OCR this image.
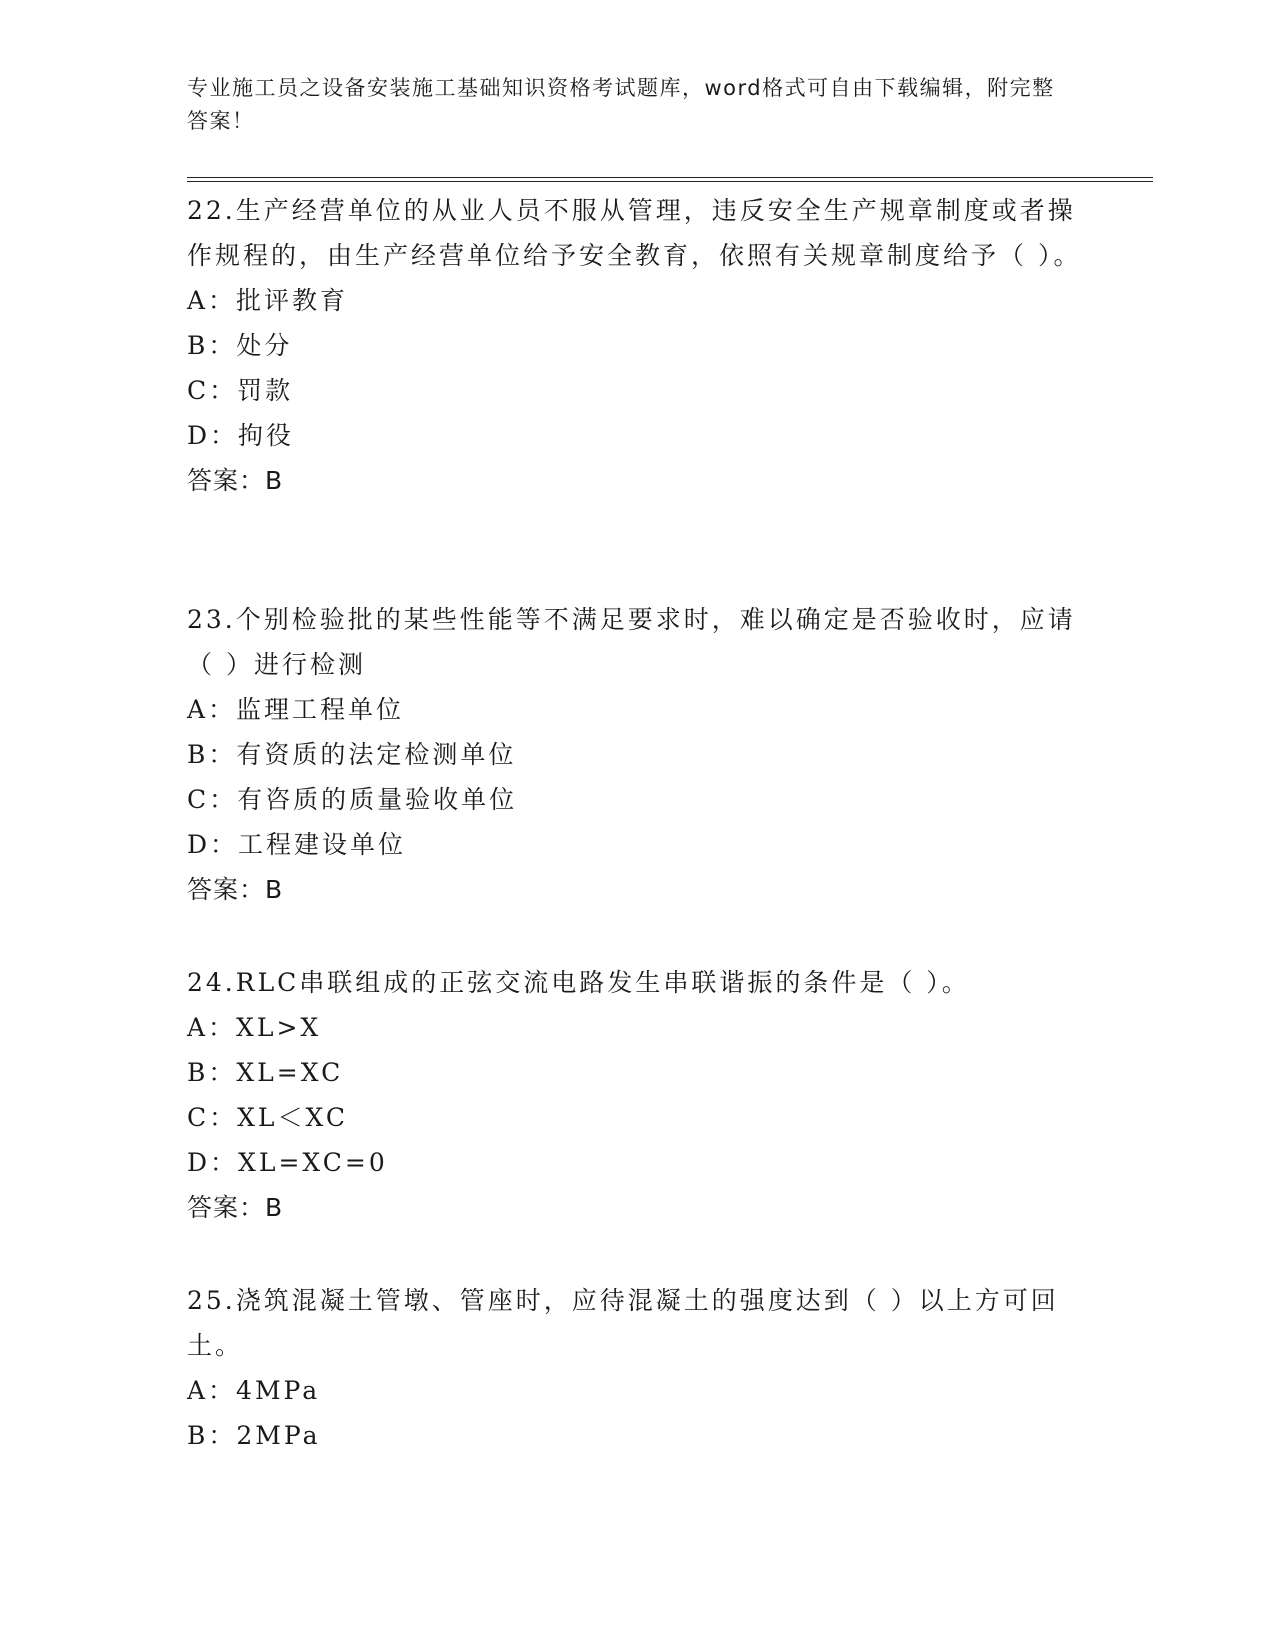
专业施工员之设备安装施工基础知识资格考试题库，word格式可自由下载编辑，附完整答案！

22.生产经营单位的从业人员不服从管理，违反安全生产规章制度或者操作规程的，由生产经营单位给予安全教育，依照有关规章制度给予（ ）。

A：批评教育

B：处分

C：罚款

D：拘役

答案：B

23.个别检验批的某些性能等不满足要求时，难以确定是否验收时，应请（ ）进行检测

A：监理工程单位

B：有资质的法定检测单位

C：有咨质的质量验收单位

D：工程建设单位

答案：B

24.RLC串联组成的正弦交流电路发生串联谐振的条件是（ ）。

A：XL>X

B：XL=XC

C：XL＜XC

D：XL=XC=0

答案：B

25.浇筑混凝土管墩、管座时，应待混凝土的强度达到（ ）以上方可回土。

A：4MPa

B：2MPa
